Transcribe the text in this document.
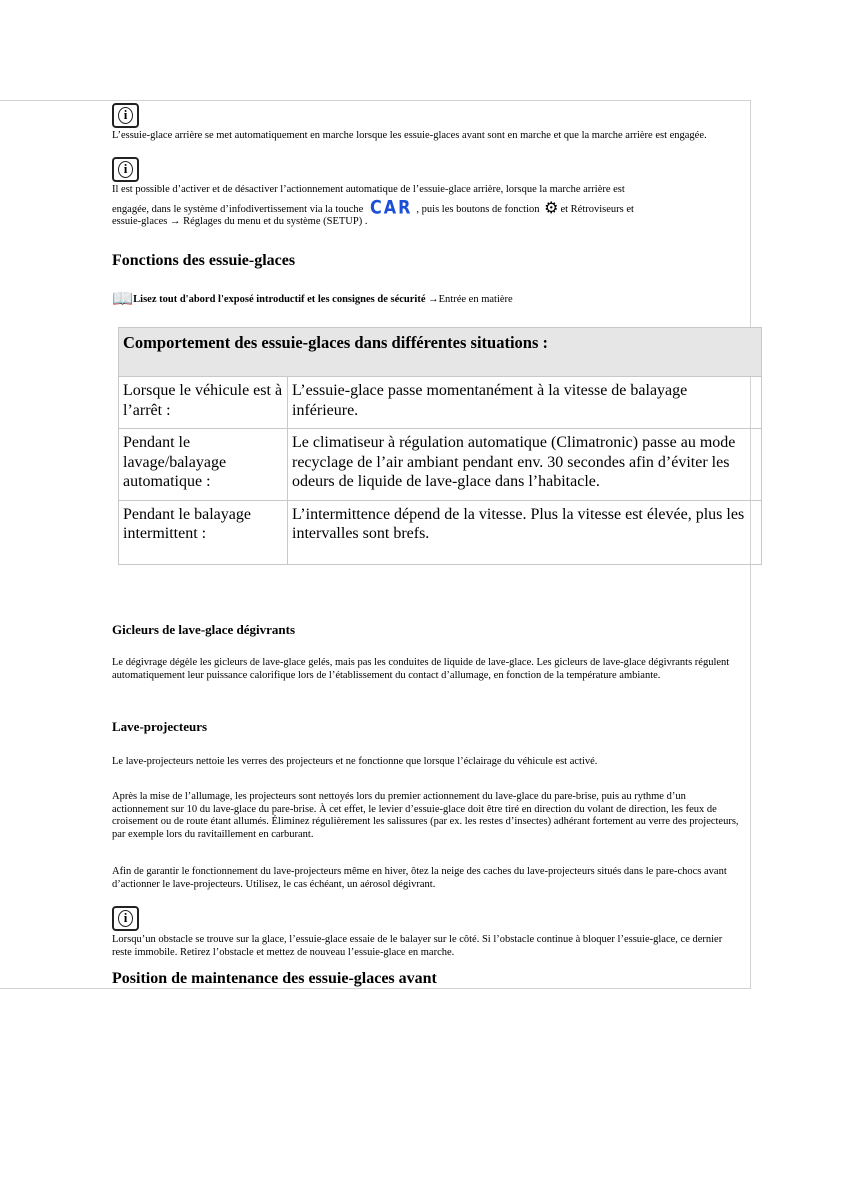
i
L’essuie-glace arrière se met automatiquement en marche lorsque les essuie-glaces avant sont en marche et que la marche arrière est engagée.
i
Il est possible d’activer et de désactiver l’actionnement automatique de l’essuie-glace arrière, lorsque la marche arrière est
engagée, dans le système d’infodivertissement via la touche CAR , puis les boutons de fonction ⚙ et Rétroviseurs et
essuie-glaces → Réglages du menu et du système (SETUP) .
Fonctions des essuie-glaces
📖Lisez tout d'abord l'exposé introductif et les consignes de sécurité →Entrée en matière
Comportement des essuie-glaces dans différentes situations :	
Lorsque le véhicule est à l’arrêt :	L’essuie-glace passe momentanément à la vitesse de balayage inférieure.
Pendant le lavage/balayage automatique :	Le climatiseur à régulation automatique (Climatronic) passe au mode recyclage de l’air ambiant pendant env. 30 secondes afin d’éviter les odeurs de liquide de lave-glace dans l’habitacle.
Pendant le balayage intermittent :	L’intermittence dépend de la vitesse. Plus la vitesse est élevée, plus les intervalles sont brefs.
Gicleurs de lave-glace dégivrants
Le dégivrage dégèle les gicleurs de lave-glace gelés, mais pas les conduites de liquide de lave-glace. Les gicleurs de lave-glace dégivrants régulent automatiquement leur puissance calorifique lors de l’établissement du contact d’allumage, en fonction de la température ambiante.
Lave-projecteurs
Le lave-projecteurs nettoie les verres des projecteurs et ne fonctionne que lorsque l’éclairage du véhicule est activé.
Après la mise de l’allumage, les projecteurs sont nettoyés lors du premier actionnement du lave-glace du pare-brise, puis au rythme d’un actionnement sur 10 du lave-glace du pare-brise. À cet effet, le levier d’essuie-glace doit être tiré en direction du volant de direction, les feux de croisement ou de route étant allumés. Éliminez régulièrement les salissures (par ex. les restes d’insectes) adhérant fortement au verre des projecteurs, par exemple lors du ravitaillement en carburant.
Afin de garantir le fonctionnement du lave-projecteurs même en hiver, ôtez la neige des caches du lave-projecteurs situés dans le pare-chocs avant d’actionner le lave-projecteurs. Utilisez, le cas échéant, un aérosol dégivrant.
i
Lorsqu’un obstacle se trouve sur la glace, l’essuie-glace essaie de le balayer sur le côté. Si l’obstacle continue à bloquer l’essuie-glace, ce dernier reste immobile. Retirez l’obstacle et mettez de nouveau l’essuie-glace en marche.
Position de maintenance des essuie-glaces avant
